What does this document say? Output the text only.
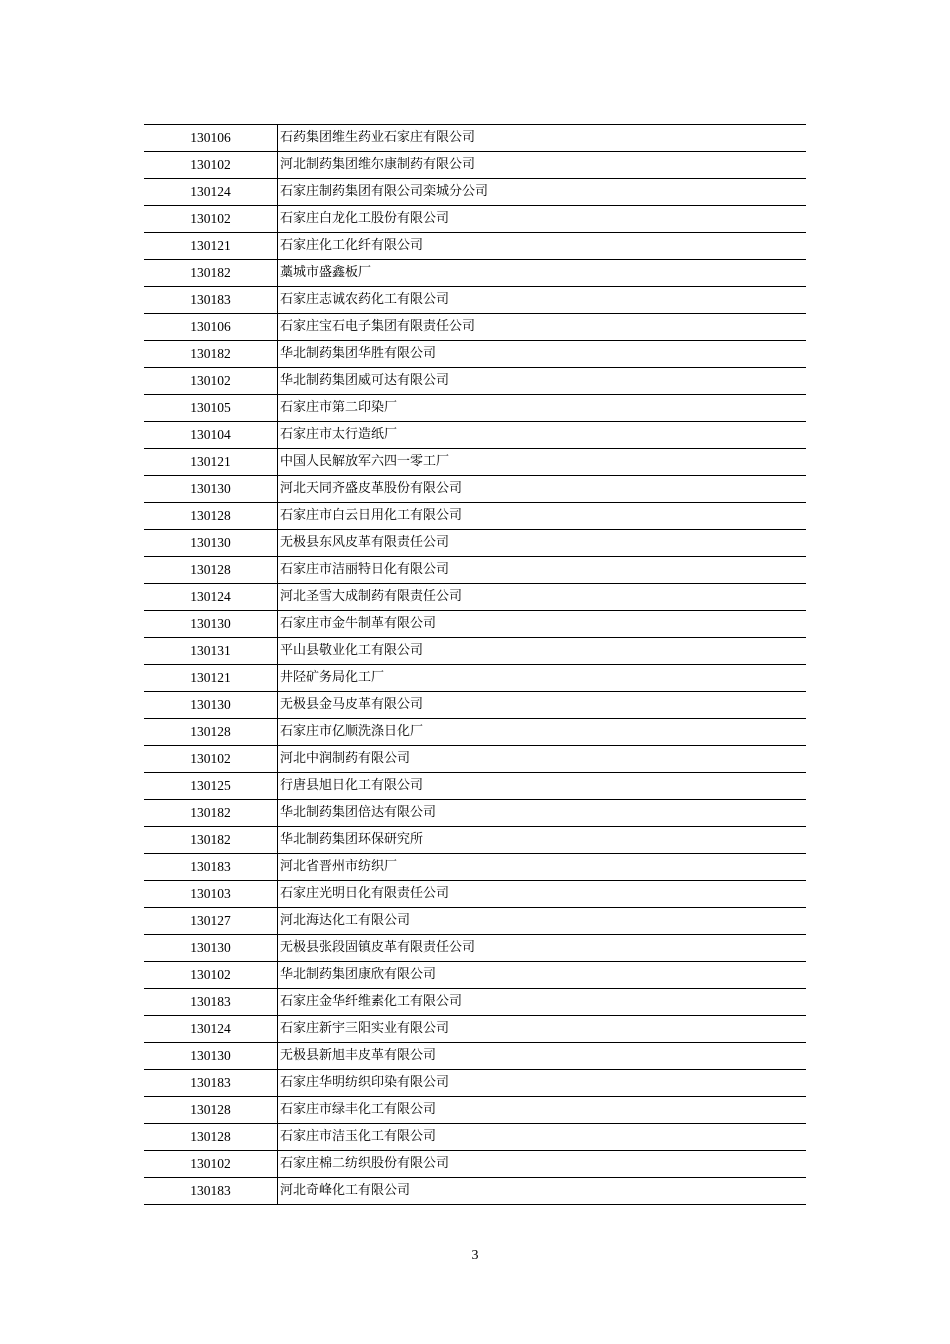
130106	石药集团维生药业石家庄有限公司
130102	河北制药集团维尔康制药有限公司
130124	石家庄制药集团有限公司栾城分公司
130102	石家庄白龙化工股份有限公司
130121	石家庄化工化纤有限公司
130182	藁城市盛鑫板厂
130183	石家庄志诚农药化工有限公司
130106	石家庄宝石电子集团有限责任公司
130182	华北制药集团华胜有限公司
130102	华北制药集团威可达有限公司
130105	石家庄市第二印染厂
130104	石家庄市太行造纸厂
130121	中国人民解放军六四一零工厂
130130	河北天同齐盛皮革股份有限公司
130128	石家庄市白云日用化工有限公司
130130	无极县东风皮革有限责任公司
130128	石家庄市洁丽特日化有限公司
130124	河北圣雪大成制药有限责任公司
130130	石家庄市金牛制革有限公司
130131	平山县敬业化工有限公司
130121	井陉矿务局化工厂
130130	无极县金马皮革有限公司
130128	石家庄市亿顺洗涤日化厂
130102	河北中润制药有限公司
130125	行唐县旭日化工有限公司
130182	华北制药集团倍达有限公司
130182	华北制药集团环保研究所
130183	河北省晋州市纺织厂
130103	石家庄光明日化有限责任公司
130127	河北海达化工有限公司
130130	无极县张段固镇皮革有限责任公司
130102	华北制药集团康欣有限公司
130183	石家庄金华纤维素化工有限公司
130124	石家庄新宇三阳实业有限公司
130130	无极县新旭丰皮革有限公司
130183	石家庄华明纺织印染有限公司
130128	石家庄市绿丰化工有限公司
130128	石家庄市洁玉化工有限公司
130102	石家庄棉二纺织股份有限公司
130183	河北奇峰化工有限公司
3
